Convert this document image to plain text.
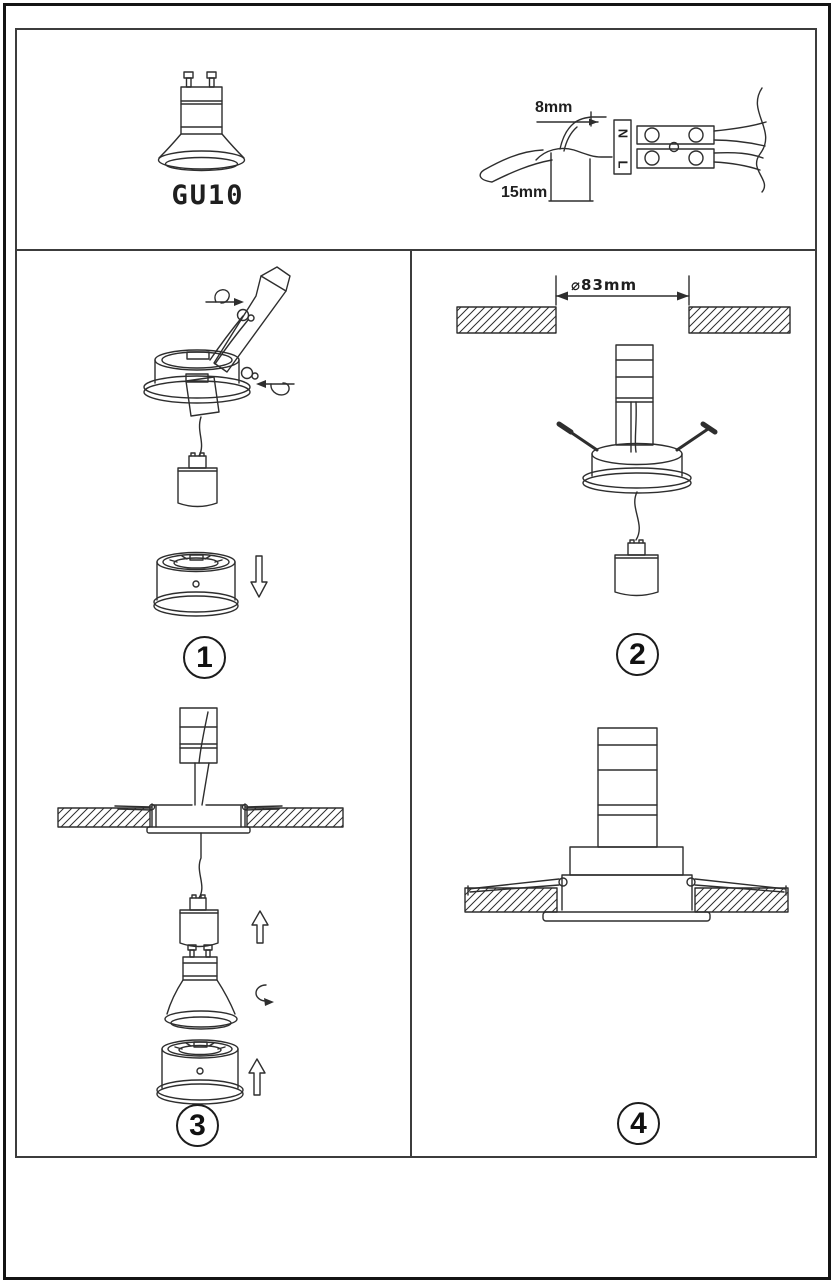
GU10
8mm
15mm
N
L
⌀83mm
1	2
3	4
